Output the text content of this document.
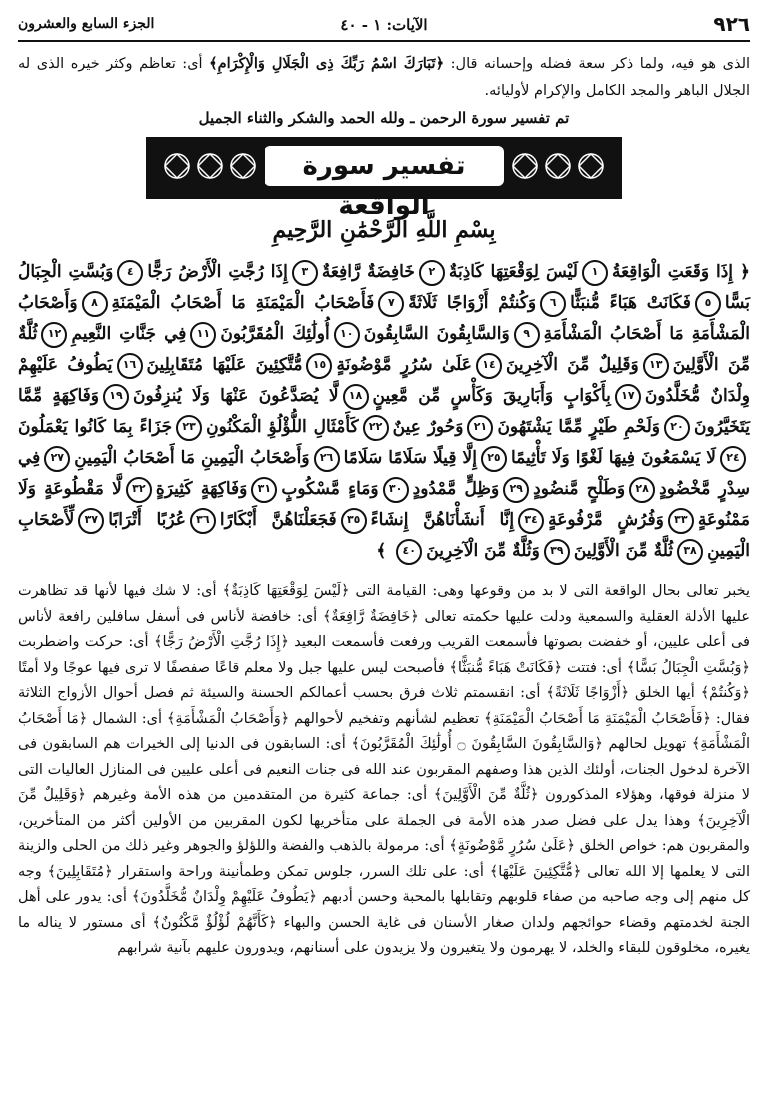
٩٢٦
الآيات: ١ - ٤٠
الجزء السابع والعشرون

الذى هو فيه، ولما ذكر سعة فضله وإحسانه قال: ﴿تَبَارَكَ اسْمُ رَبِّكَ ذِى الْجَلَالِ وَالْإِكْرَامِ﴾ أى: تعاظم وكثر خيره الذى له الجلال الباهر والمجد الكامل والإكرام لأوليائه.

تم تفسير سورة الرحمن ـ ولله الحمد والشكر والثناء الجميل
تفسير سورة الواقعة
بِسْمِ اللَّهِ الرَّحْمَٰنِ الرَّحِيمِ
﴿ إِذَا وَقَعَتِ الْوَاقِعَةُ١لَيْسَ لِوَقْعَتِهَا كَاذِبَةٌ٢خَافِضَةٌ رَّافِعَةٌ٣إِذَا رُجَّتِ الْأَرْضُ رَجًّا٤وَبُسَّتِ الْجِبَالُ بَسًّا٥فَكَانَتْ هَبَاءً مُّنبَثًّا٦وَكُنتُمْ أَزْوَاجًا ثَلَاثَةً٧فَأَصْحَابُ الْمَيْمَنَةِ مَا أَصْحَابُ الْمَيْمَنَةِ٨وَأَصْحَابُ الْمَشْأَمَةِ مَا أَصْحَابُ الْمَشْأَمَةِ٩وَالسَّابِقُونَ السَّابِقُونَ١٠أُولَٰئِكَ الْمُقَرَّبُونَ١١فِي جَنَّاتِ النَّعِيمِ١٢ثُلَّةٌ مِّنَ الْأَوَّلِينَ١٣وَقَلِيلٌ مِّنَ الْآخِرِينَ١٤عَلَىٰ سُرُرٍ مَّوْضُونَةٍ١٥مُّتَّكِئِينَ عَلَيْهَا مُتَقَابِلِينَ١٦يَطُوفُ عَلَيْهِمْ وِلْدَانٌ مُّخَلَّدُونَ١٧بِأَكْوَابٍ وَأَبَارِيقَ وَكَأْسٍ مِّن مَّعِينٍ١٨لَّا يُصَدَّعُونَ عَنْهَا وَلَا يُنزِفُونَ١٩وَفَاكِهَةٍ مِّمَّا يَتَخَيَّرُونَ٢٠وَلَحْمِ طَيْرٍ مِّمَّا يَشْتَهُونَ٢١وَحُورٌ عِينٌ٢٢كَأَمْثَالِ اللُّؤْلُؤِ الْمَكْنُونِ٢٣جَزَاءً بِمَا كَانُوا يَعْمَلُونَ٢٤لَا يَسْمَعُونَ فِيهَا لَغْوًا وَلَا تَأْثِيمًا٢٥إِلَّا قِيلًا سَلَامًا سَلَامًا٢٦وَأَصْحَابُ الْيَمِينِ مَا أَصْحَابُ الْيَمِينِ٢٧فِي سِدْرٍ مَّخْضُودٍ٢٨وَطَلْحٍ مَّنضُودٍ٢٩وَظِلٍّ مَّمْدُودٍ٣٠وَمَاءٍ مَّسْكُوبٍ٣١وَفَاكِهَةٍ كَثِيرَةٍ٣٢لَّا مَقْطُوعَةٍ وَلَا مَمْنُوعَةٍ٣٣وَفُرُشٍ مَّرْفُوعَةٍ٣٤إِنَّا أَنشَأْنَاهُنَّ إِنشَاءً٣٥فَجَعَلْنَاهُنَّ أَبْكَارًا٣٦عُرُبًا أَتْرَابًا٣٧لِّأَصْحَابِ الْيَمِينِ٣٨ثُلَّةٌ مِّنَ الْأَوَّلِينَ٣٩وَثُلَّةٌ مِّنَ الْآخِرِينَ٤٠ ﴾

يخبر تعالى بحال الواقعة التى لا بد من وقوعها وهى: القيامة التى ﴿لَيْسَ لِوَقْعَتِهَا كَاذِبَةٌ﴾ أى: لا شك فيها لأنها قد تظاهرت عليها الأدلة العقلية والسمعية ودلت عليها حكمته تعالى ﴿خَافِضَةٌ رَّافِعَةٌ﴾ أى: خافضة لأناس فى أسفل سافلين رافعة لأناس فى أعلى عليين، أو خفضت بصوتها فأسمعت القريب ورفعت فأسمعت البعيد ﴿إِذَا رُجَّتِ الْأَرْضُ رَجًّا﴾ أى: حركت واضطربت ﴿وَبُسَّتِ الْجِبَالُ بَسًّا﴾ أى: فتتت ﴿فَكَانَتْ هَبَاءً مُّنبَثًّا﴾ فأصبحت ليس عليها جبل ولا معلم قاعًا صفصفًا لا ترى فيها عوجًا ولا أمتًا ﴿وَكُنتُمْ﴾ أيها الخلق ﴿أَزْوَاجًا ثَلَاثَةً﴾ أى: انقسمتم ثلاث فرق بحسب أعمالكم الحسنة والسيئة ثم فصل أحوال الأزواج الثلاثة فقال: ﴿فَأَصْحَابُ الْمَيْمَنَةِ مَا أَصْحَابُ الْمَيْمَنَةِ﴾ تعظيم لشأنهم وتفخيم لأحوالهم ﴿وَأَصْحَابُ الْمَشْأَمَةِ﴾ أى: الشمال ﴿مَا أَصْحَابُ الْمَشْأَمَةِ﴾ تهويل لحالهم ﴿وَالسَّابِقُونَ السَّابِقُونَ ۝ أُولَٰئِكَ الْمُقَرَّبُونَ﴾ أى: السابقون فى الدنيا إلى الخيرات هم السابقون فى الآخرة لدخول الجنات، أولئك الذين هذا وصفهم المقربون عند الله فى جنات النعيم فى أعلى عليين فى المنازل العاليات التى لا منزلة فوقها، وهؤلاء المذكورون ﴿ثُلَّةٌ مِّنَ الْأَوَّلِينَ﴾ أى: جماعة كثيرة من المتقدمين من هذه الأمة وغيرهم ﴿وَقَلِيلٌ مِّنَ الْآخِرِينَ﴾ وهذا يدل على فضل صدر هذه الأمة فى الجملة على متأخريها لكون المقربين من الأولين أكثر من المتأخرين، والمقربون هم: خواص الخلق ﴿عَلَىٰ سُرُرٍ مَّوْضُونَةٍ﴾ أى: مرمولة بالذهب والفضة واللؤلؤ والجوهر وغير ذلك من الحلى والزينة التى لا يعلمها إلا الله تعالى ﴿مُّتَّكِئِينَ عَلَيْهَا﴾ أى: على تلك السرر، جلوس تمكن وطمأنينة وراحة واستقرار ﴿مُتَقَابِلِينَ﴾ وجه كل منهم إلى وجه صاحبه من صفاء قلوبهم وتقابلها بالمحبة وحسن أدبهم ﴿يَطُوفُ عَلَيْهِمْ وِلْدَانٌ مُّخَلَّدُونَ﴾ أى: يدور على أهل الجنة لخدمتهم وقضاء حوائجهم ولدان صغار الأسنان فى غاية الحسن والبهاء ﴿كَأَنَّهُمْ لُؤْلُؤٌ مَّكْنُونٌ﴾ أى مستور لا يناله ما يغيره، مخلوقون للبقاء والخلد، لا يهرمون ولا يتغيرون ولا يزيدون على أسنانهم، ويدورون عليهم بآنية شرابهم
